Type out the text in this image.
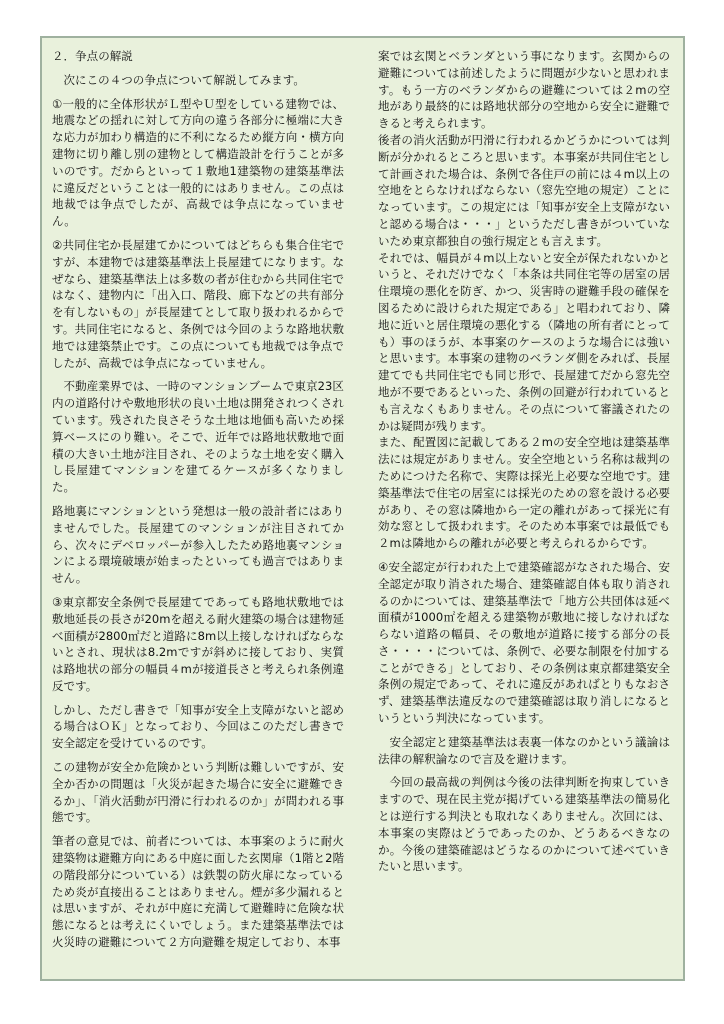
２．争点の解説

次にこの４つの争点について解説してみます。

①一般的に全体形状がＬ型やＵ型をしている建物では、地震などの揺れに対して方向の違う各部分に極端に大きな応力が加わり構造的に不利になるため縦方向・横方向建物に切り離し別の建物として構造設計を行うことが多いのです。だからといって１敷地1建築物の建築基準法に違反だということは一般的にはありません。この点は地裁では争点でしたが、高裁では争点になっていません。

②共同住宅か長屋建てかについてはどちらも集合住宅ですが、本建物では建築基準法上長屋建てになります。なぜなら、建築基準法上は多数の者が住むから共同住宅ではなく、建物内に「出入口、階段、廊下などの共有部分を有しないもの」が長屋建てとして取り扱われるからです。共同住宅になると、条例では今回のような路地状敷地では建築禁止です。この点についても地裁では争点でしたが、高裁では争点になっていません。

不動産業界では、一時のマンションブームで東京23区内の道路付けや敷地形状の良い土地は開発されつくされています。残された良さそうな土地は地価も高いため採算ベースにのり難い。そこで、近年では路地状敷地で面積の大きい土地が注目され、そのような土地を安く購入し長屋建てマンションを建てるケースが多くなりました。

路地裏にマンションという発想は一般の設計者にはありませんでした。長屋建てのマンションが注目されてから、次々にデベロッパーが参入したため路地裏マンションによる環境破壊が始まったといっても過言ではありません。

③東京都安全条例で長屋建てであっても路地状敷地では敷地延長の長さが20mを超える耐火建築の場合は建物延べ面積が2800㎡だと道路に8m以上接しなければならないとされ、現状は8.2mですが斜めに接しており、実質は路地状の部分の幅員４mが接道長さと考えられ条例違反です。

しかし、ただし書きで「知事が安全上支障がないと認める場合はＯＫ」となっており、今回はこのただし書きで安全認定を受けているのです。

この建物が安全か危険かという判断は難しいですが、安全か否かの問題は「火災が起きた場合に安全に避難できるか」、「消火活動が円滑に行われるのか」が問われる事態です。

筆者の意見では、前者については、本事案のように耐火建築物は避難方向にある中庭に面した玄関扉（1階と2階の階段部分についている）は鉄製の防火扉になっているため炎が直接出ることはありません。煙が多少漏れるとは思いますが、それが中庭に充満して避難時に危険な状態になるとは考えにくいでしょう。また建築基準法では火災時の避難について２方向避難を規定しており、本事

案では玄関とベランダという事になります。玄関からの避難については前述したように問題が少ないと思われます。もう一方のベランダからの避難については２mの空地があり最終的には路地状部分の空地から安全に避難できると考えられます。

後者の消火活動が円滑に行われるかどうかについては判断が分かれるところと思います。本事案が共同住宅として計画された場合は、条例で各住戸の前には４m以上の空地をとらなければならない（窓先空地の規定）ことになっています。この規定には「知事が安全上支障がないと認める場合は・・・」というただし書きがついていないため東京都独自の強行規定とも言えます。

それでは、幅員が４m以上ないと安全が保たれないかというと、それだけでなく「本条は共同住宅等の居室の居住環境の悪化を防ぎ、かつ、災害時の避難手段の確保を図るために設けられた規定である」と唱われており、隣地に近いと居住環境の悪化する（隣地の所有者にとっても）事のほうが、本事案のケースのような場合には強いと思います。本事案の建物のベランダ側をみれば、長屋建てでも共同住宅でも同じ形で、長屋建てだから窓先空地が不要であるといった、条例の回避が行われているとも言えなくもありません。その点について審議されたのかは疑問が残ります。

また、配置図に記載してある２mの安全空地は建築基準法には規定がありません。安全空地という名称は裁判のためにつけた名称で、実際は採光上必要な空地です。建築基準法で住宅の居室には採光のための窓を設ける必要があり、その窓は隣地から一定の離れがあって採光に有効な窓として扱われます。そのため本事案では最低でも２mは隣地からの離れが必要と考えられるからです。

④安全認定が行われた上で建築確認がなされた場合、安全認定が取り消された場合、建築確認自体も取り消されるのかについては、建築基準法で「地方公共団体は延べ面積が1000㎡を超える建築物が敷地に接しなければならない道路の幅員、その敷地が道路に接する部分の長さ・・・・については、条例で、必要な制限を付加することができる」としており、その条例は東京都建築安全条例の規定であって、それに違反があればとりもなおさず、建築基準法違反なので建築確認は取り消しになるというという判決になっています。

安全認定と建築基準法は表裏一体なのかという議論は法律の解釈論なので言及を避けます。

今回の最高裁の判例は今後の法律判断を拘束していきますので、現在民主党が掲げている建築基準法の簡易化とは逆行する判決とも取れなくありません。次回には、本事案の実際はどうであったのか、どうあるべきなのか。今後の建築確認はどうなるのかについて述べていきたいと思います。
